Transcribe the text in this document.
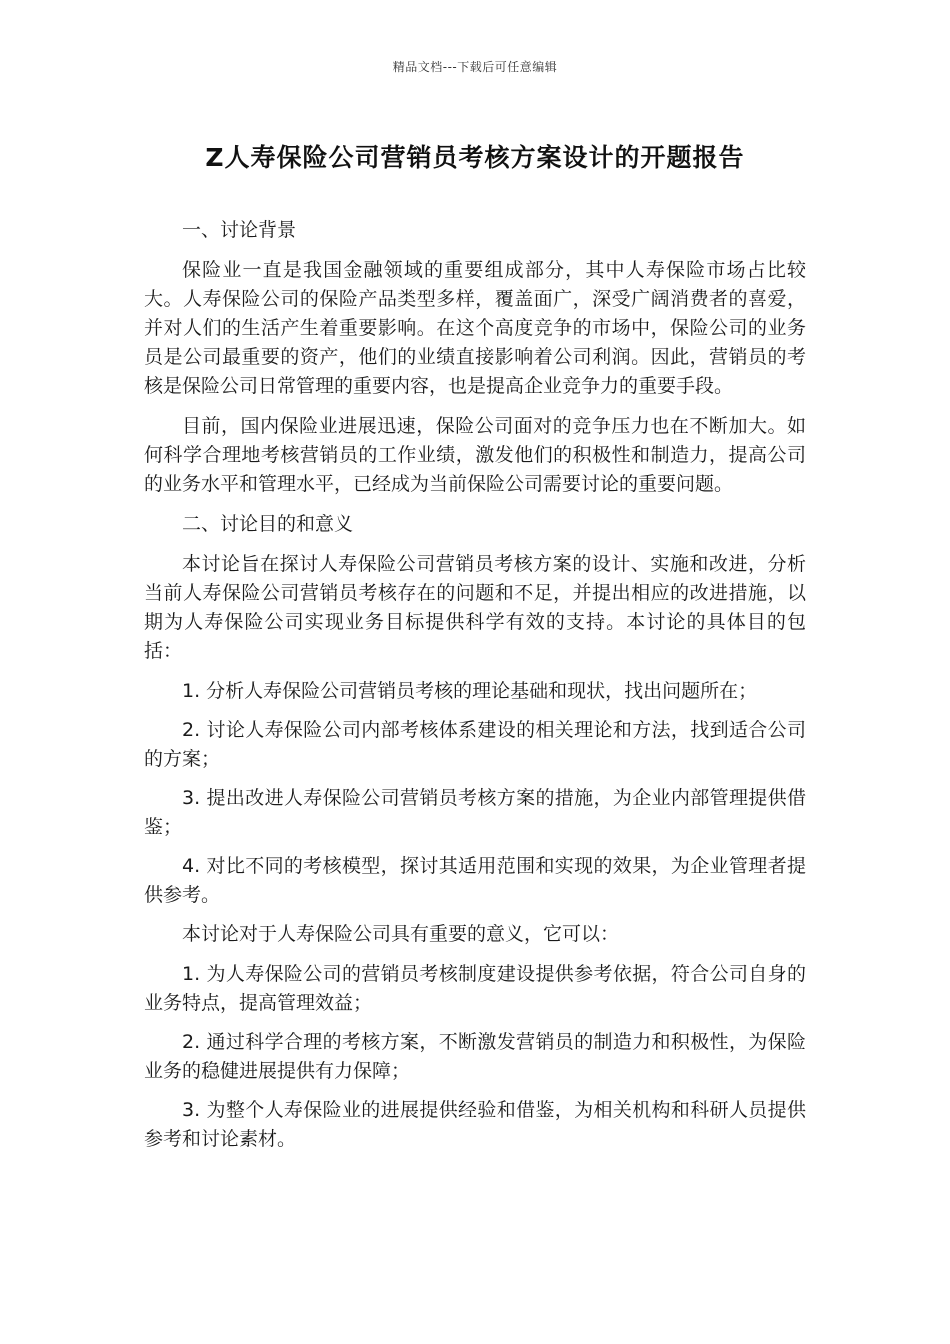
精品文档---下载后可任意编辑
Z人寿保险公司营销员考核方案设计的开题报告

一、讨论背景

保险业一直是我国金融领域的重要组成部分，其中人寿保险市场占比较大。人寿保险公司的保险产品类型多样，覆盖面广，深受广阔消费者的喜爱，并对人们的生活产生着重要影响。在这个高度竞争的市场中，保险公司的业务员是公司最重要的资产，他们的业绩直接影响着公司利润。因此，营销员的考核是保险公司日常管理的重要内容，也是提高企业竞争力的重要手段。

目前，国内保险业进展迅速，保险公司面对的竞争压力也在不断加大。如何科学合理地考核营销员的工作业绩，激发他们的积极性和制造力，提高公司的业务水平和管理水平，已经成为当前保险公司需要讨论的重要问题。

二、讨论目的和意义

本讨论旨在探讨人寿保险公司营销员考核方案的设计、实施和改进，分析当前人寿保险公司营销员考核存在的问题和不足，并提出相应的改进措施，以期为人寿保险公司实现业务目标提供科学有效的支持。本讨论的具体目的包括：

1. 分析人寿保险公司营销员考核的理论基础和现状，找出问题所在；

2. 讨论人寿保险公司内部考核体系建设的相关理论和方法，找到适合公司的方案；

3. 提出改进人寿保险公司营销员考核方案的措施，为企业内部管理提供借鉴；

4. 对比不同的考核模型，探讨其适用范围和实现的效果，为企业管理者提供参考。

本讨论对于人寿保险公司具有重要的意义，它可以：

1. 为人寿保险公司的营销员考核制度建设提供参考依据，符合公司自身的业务特点，提高管理效益；

2. 通过科学合理的考核方案，不断激发营销员的制造力和积极性，为保险业务的稳健进展提供有力保障；

3. 为整个人寿保险业的进展提供经验和借鉴，为相关机构和科研人员提供参考和讨论素材。
